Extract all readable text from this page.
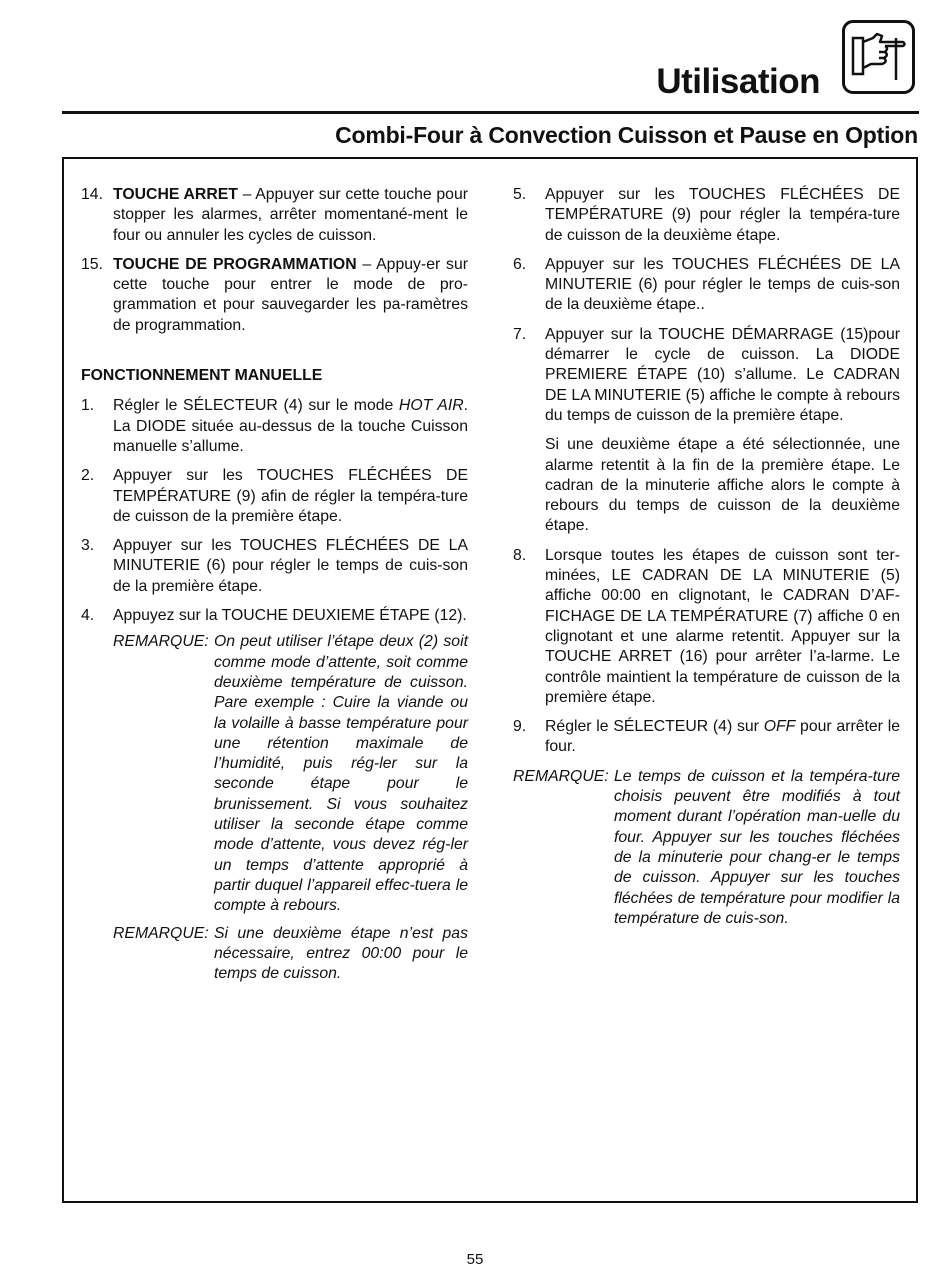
Utilisation
Combi-Four à Convection Cuisson et Pause en Option
14. TOUCHE ARRET – Appuyer sur cette touche pour stopper les alarmes, arrêter momentané-ment le four ou annuler les cycles de cuisson.

15. TOUCHE DE PROGRAMMATION – Appuy-er sur cette touche pour entrer le mode de pro-grammation et pour sauvegarder les pa-ramètres de programmation.

FONCTIONNEMENT MANUELLE
1. Régler le SÉLECTEUR (4) sur le mode HOT AIR. La DIODE située au-dessus de la touche Cuisson manuelle s’allume.

2. Appuyer sur les TOUCHES FLÉCHÉES DE TEMPÉRATURE (9) afin de régler la tempéra-ture de cuisson de la première étape.

3. Appuyer sur les TOUCHES FLÉCHÉES DE LA MINUTERIE (6) pour régler le temps de cuis-son de la première étape.

4. Appuyez sur la TOUCHE DEUXIEME ÉTAPE (12).

REMARQUE: On peut utiliser l’étape deux (2) soit comme mode d’attente, soit comme deuxième température de cuisson. Pare exemple : Cuire la viande ou la volaille à basse température pour une rétention maximale de l’humidité, puis rég-ler sur la seconde étape pour le brunissement. Si vous souhaitez utiliser la seconde étape comme mode d’attente, vous devez rég-ler un temps d’attente approprié à partir duquel l’appareil effec-tuera le compte à rebours.
REMARQUE: Si une deuxième étape n’est pas nécessaire, entrez 00:00 pour le temps de cuisson.
5. Appuyer sur les TOUCHES FLÉCHÉES DE TEMPÉRATURE (9) pour régler la tempéra-ture de cuisson de la deuxième étape.

6. Appuyer sur les TOUCHES FLÉCHÉES DE LA MINUTERIE (6) pour régler le temps de cuis-son de la deuxième étape..

7. Appuyer sur la TOUCHE DÉMARRAGE (15)pour démarrer le cycle de cuisson. La DIODE PREMIERE ÉTAPE (10) s’allume. Le CADRAN DE LA MINUTERIE (5) affiche le compte à rebours du temps de cuisson de la première étape.

Si une deuxième étape a été sélectionnée, une alarme retentit à la fin de la première étape. Le cadran de la minuterie affiche alors le compte à rebours du temps de cuisson de la deuxième étape.

8. Lorsque toutes les étapes de cuisson sont ter-minées, LE CADRAN DE LA MINUTERIE (5) affiche 00:00 en clignotant, le CADRAN D’AF-FICHAGE DE LA TEMPÉRATURE (7) affiche 0 en clignotant et une alarme retentit. Appuyer sur la TOUCHE ARRET (16) pour arrêter l’a-larme. Le contrôle maintient la température de cuisson de la première étape.

9. Régler le SÉLECTEUR (4) sur OFF pour arrêter le four.

REMARQUE: Le temps de cuisson et la tempéra-ture choisis peuvent être modifiés à tout moment durant l’opération man-uelle du four. Appuyer sur les touches fléchées de la minuterie pour chang-er le temps de cuisson. Appuyer sur les touches fléchées de température pour modifier la température de cuis-son.
55
